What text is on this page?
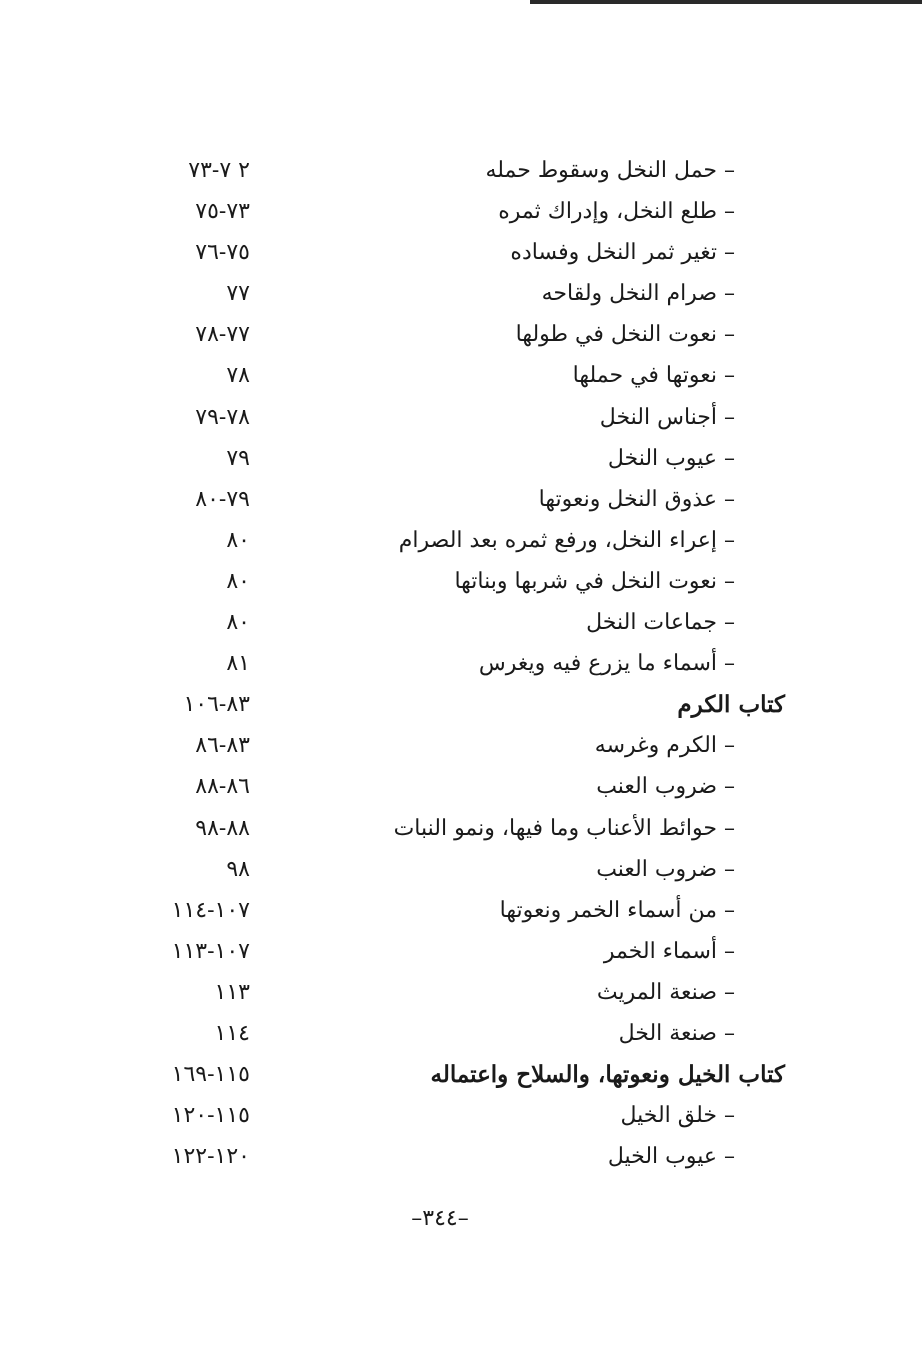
– حمل النخل وسقوط حمله
٢ ٧-٧٣
– طلع النخل، وإدراك ثمره
٧٣-٧٥
– تغير ثمر النخل وفساده
٧٥-٧٦
– صرام النخل ولقاحه
٧٧
– نعوت النخل في طولها
٧٧-٧٨
– نعوتها في حملها
٧٨
– أجناس النخل
٧٨-٧٩
– عيوب النخل
٧٩
– عذوق النخل ونعوتها
٧٩-٨٠
– إعراء النخل، ورفع ثمره بعد الصرام
٨٠
– نعوت النخل في شربها وبناتها
٨٠
– جماعات النخل
٨٠
– أسماء ما يزرع فيه ويغرس
٨١
كتاب الكرم
٨٣-١٠٦
– الكرم وغرسه
٨٣-٨٦
– ضروب العنب
٨٦-٨٨
– حوائط الأعناب وما فيها، ونمو النبات
٨٨-٩٨
– ضروب العنب
٩٨
– من أسماء الخمر ونعوتها
١٠٧-١١٤
– أسماء الخمر
١٠٧-١١٣
– صنعة المريث
١١٣
– صنعة الخل
١١٤
كتاب الخيل ونعوتها، والسلاح واعتماله
١١٥-١٦٩
– خلق الخيل
١١٥-١٢٠
– عيوب الخيل
١٢٠-١٢٢
–٣٤٤–
